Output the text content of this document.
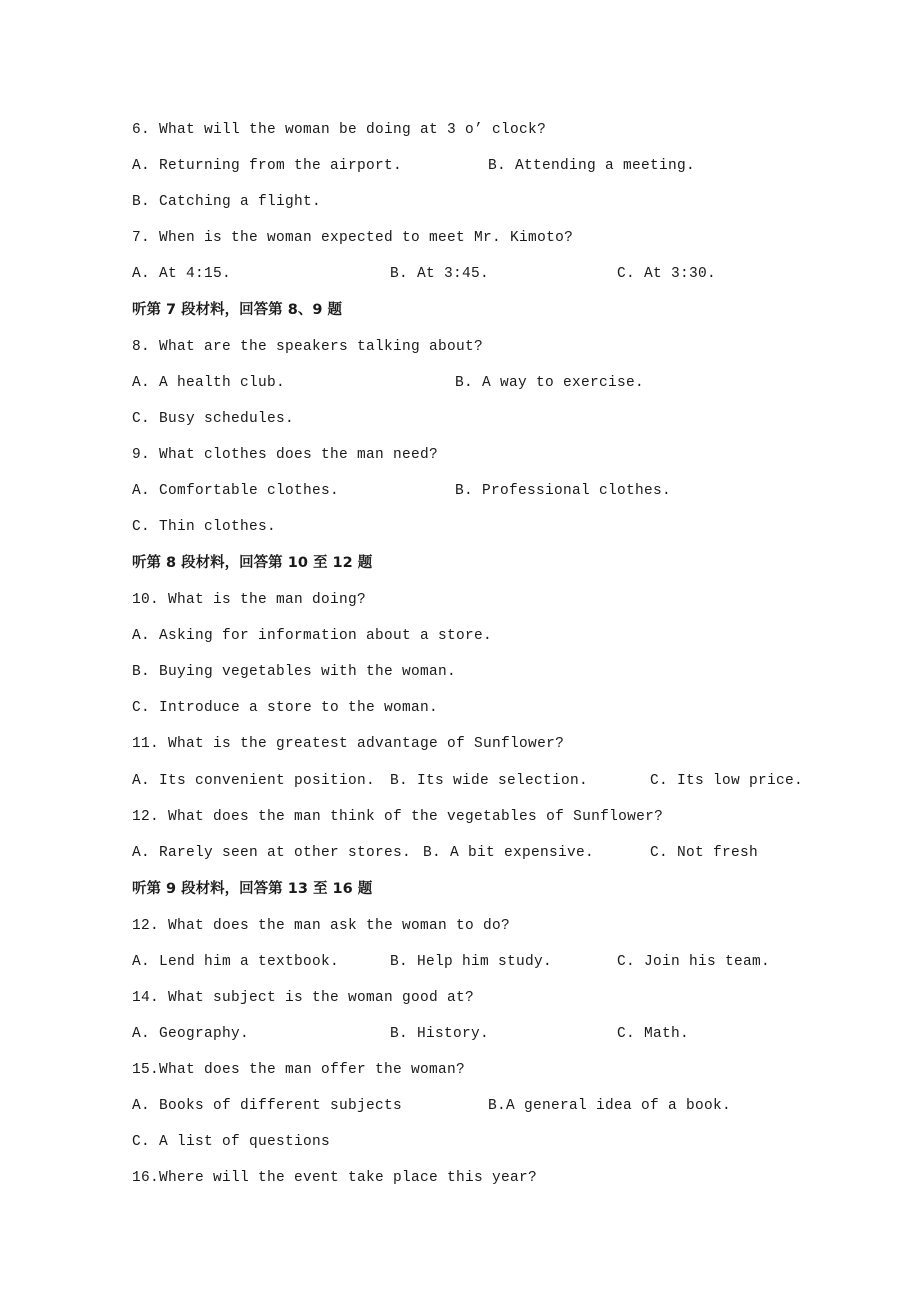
6. What will the woman be doing at 3 o’ clock?
A. Returning from the airport.	B. Attending a meeting.
B. Catching a flight.
7. When is the woman expected to meet Mr. Kimoto?
A. At 4:15.	B. At 3:45.	C. At 3:30.
听第 7 段材料，回答第 8、9 题
8. What are the speakers talking about?
A. A health club.	B. A way to exercise.
C. Busy schedules.
9. What clothes does the man need?
A. Comfortable clothes.	B. Professional clothes.
C. Thin clothes.
听第 8 段材料，回答第 10 至 12 题
10. What is the man doing?
A. Asking for information about a store.
B. Buying vegetables with the woman.
C. Introduce a store to the woman.
11. What is the greatest advantage of Sunflower?
A. Its convenient position. B. Its wide selection.	C. Its low price.
12. What does the man think of the vegetables of Sunflower?
A. Rarely seen at other stores. B. A bit expensive.	C. Not fresh
听第 9 段材料，回答第 13 至 16 题
12. What does the man ask the woman to do?
A. Lend him a textbook.	B. Help him study.	C. Join his team.
14. What subject is the woman good at?
A. Geography.	B. History.	C. Math.
15.What does the man offer the woman?
A. Books of different subjects	B.A general idea of a book.
C. A list of questions
16.Where will the event take place this year?
